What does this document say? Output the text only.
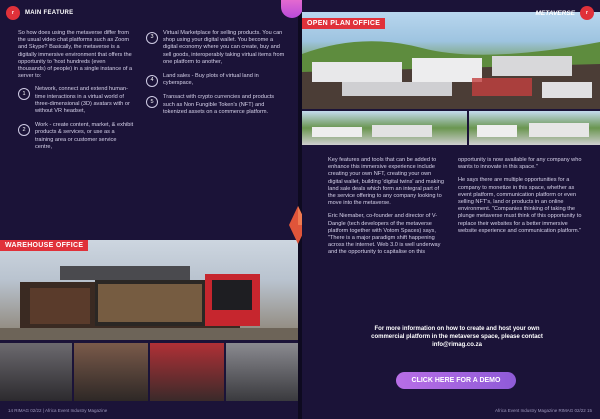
r	MAIN FEATURE

So how does using the metaverse differ from the usual video chat platforms such as Zoom and Skype? Basically, the metaverse is a digitally immersive environment that offers the opportunity to 'host hundreds (even thousands) of people) in a single instance of a server to:

1
Network, connect and extend human-time interactions in a virtual world of three-dimensional (3D) avatars with or without VR headset,
2
Work - create content, market, & exhibit products & services, or use as a training area or customer service centre,
3
Virtual Marketplace for selling products. You can shop using your digital wallet. You become a digital economy where you can create, buy and sell goods, interoperably taking virtual items from one platform to another,
4
Land sales - Buy plots of virtual land in cyberspace,
5
Transact with crypto currencies and products such as Non Fungible Token's (NFT) and tokenized assets on a commerce platform.
WAREHOUSE OFFICE
14 RIMAG 02/22 | Africa Event Industry Magazine
OPEN PLAN OFFICE
METAVERSE	r

Key features and tools that can be added to enhance this immersive experience include creating your own NFT, creating your own digital wallet, building 'digital twins' and making land sale deals which form an integral part of the service offering to any company looking to move into the metaverse.

Eric Niemaber, co-founder and director of V-Dangle (tech developers of the metaverse platform together with Votom Spaces) says, "There is a major paradigm shift happening across the internet. Web 3.0 is well underway and the opportunity to capitalise on this

opportunity is now available for any company who wants to innovate in this space."

He says there are multiple opportunities for a company to monetize in this space, whether as event platform, communication platform or even selling NFT's, land or products in an online environment. "Companies thinking of taking the plunge metaverse must think of this opportunity to replace their websites for a better immersive website experience and communication platform."

For more information on how to create and host your own commercial platform in the metaverse space, please contact info@rimag.co.za
CLICK HERE FOR A DEMO
Africa Event Industry Magazine RIMAG 02/22 15
